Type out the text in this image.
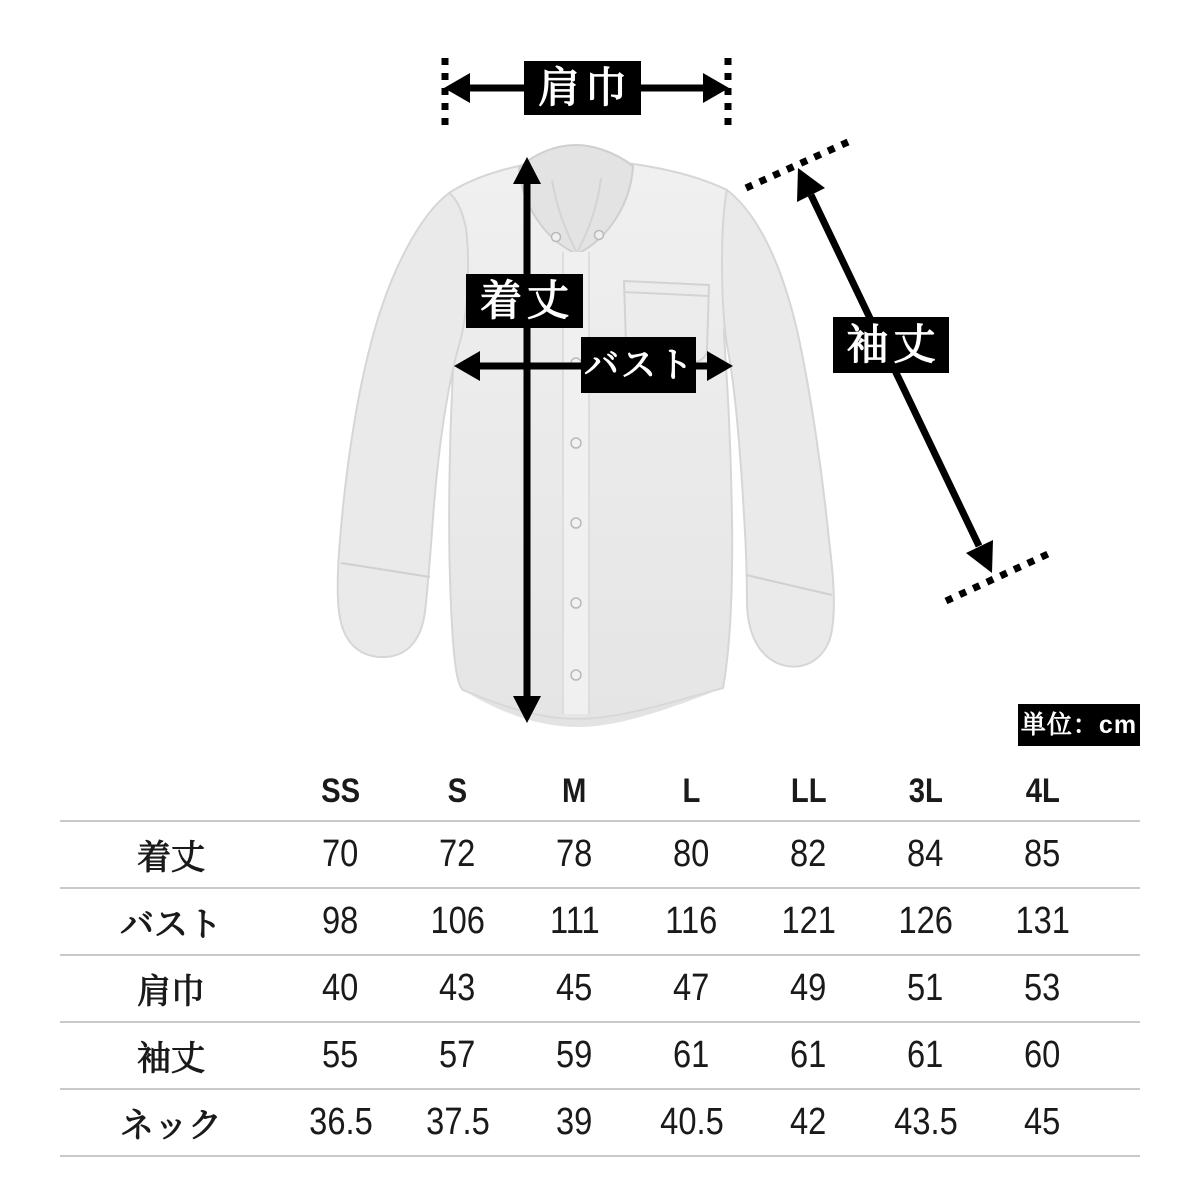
肩巾
着丈
バスト	袖丈
単位：cm
SS	S	M	L	LL	3L	4L
着丈	70	72	78	80	82	84	85
バスト	98	106	111	116	121	126	131
肩巾	40	43	45	47	49	51	53
袖丈	55	57	59	61	61	61	60
ネック	36.5	37.5	39	40.5	42	43.5	45
